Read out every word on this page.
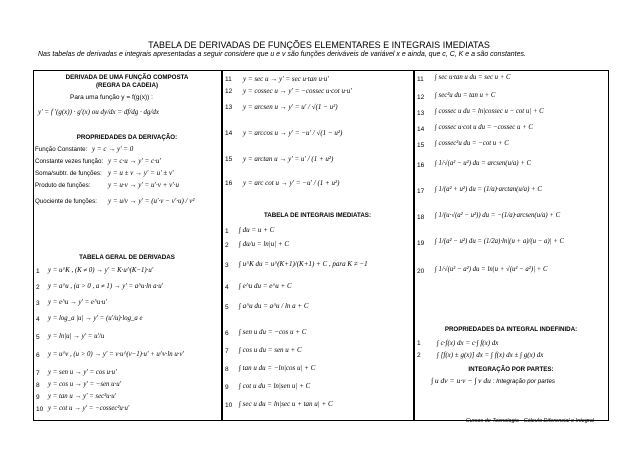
TABELA DE DERIVADAS DE FUNÇÕES ELEMENTARES E INTEGRAIS IMEDIATAS
Nas tabelas de derivadas e integrais apresentadas a seguir considere que u e v são funções deriváveis de variável x e ainda, que c, C, K e a são constantes.
DERIVADA DE UMA FUNÇÃO COMPOSTA
(REGRA DA CADEIA)
Para uma função y = f(g(x)) :
y' = f '(g(x)) · g'(x) ou dy/dx = df/dg · dg/dx
PROPRIEDADES DA DERIVAÇÃO:
Função Constante: y = c → y' = 0
Constante vezes função: y = c·u → y' = c·u'
Soma/subtr. de funções: y = u ± v → y' = u' ± v'
Produto de funções:	y = u·v → y' = u'·v + v'·u
Quociente de funções: y = u/v → y' = (u'·v − v'·u) / v²
TABELA GERAL DE DERIVADAS
1 y = u^K , (K ≠ 0) → y' = K·u^(K−1)·u'
2 y = a^u , (a > 0 , a ≠ 1) → y' = a^u·ln a·u'
3 y = e^u → y' = e^u·u'
4 y = log_a |u| → y' = (u'/u)·log_a e
5 y = ln|u| → y' = u'/u
6 y = u^v , (u > 0) → y' = v·u^(v−1)·u' + u^v·ln u·v'
7 y = sen u → y' = cos u·u'
8 y = cos u → y' = −sen u·u'
9 y = tan u → y' = sec²u·u'
10 y = cot u → y' = −cossec²u·u'
11 y = sec u → y' = sec u·tan u·u'
12 y = cossec u → y' = −cossec u·cot u·u'
13 y = arcsen u → y' = u' / √(1 − u²)
14 y = arccos u → y' = −u' / √(1 − u²)
15 y = arctan u → y' = u' / (1 + u²)
16 y = arc cot u → y' = −u' / (1 + u²)
TABELA DE INTEGRAIS IMEDIATAS:
1 ∫ du = u + C
2 ∫ du/u = ln|u| + C
3 ∫ u^K du = u^(K+1)/(K+1) + C , para K ≠ −1
4 ∫ e^u du = e^u + C
5 ∫ a^u du = a^u / ln a + C
6 ∫ sen u du = −cos u + C
7 ∫ cos u du = sen u + C
8 ∫ tan u du = −ln|cos u| + C
9 ∫ cot u du = ln|sen u| + C
10 ∫ sec u du = ln|sec u + tan u| + C
11 ∫ sec u·tan u du = sec u + C
12 ∫ sec²u du = tan u + C
13 ∫ cossec u du = ln|cossec u − cot u| + C
14 ∫ cossec u·cot u du = −cossec u + C
15 ∫ cossec²u du = −cot u + C
16 ∫ 1/√(a² − u²) du = arcsen(u/a) + C
17 ∫ 1/(a² + u²) du = (1/a)·arctan(u/a) + C
18 ∫ 1/(u·√(a² − u²)) du = −(1/a)·arcsen(u/a) + C
19 ∫ 1/(a² − u²) du = (1/2a)·ln|(u + a)/(u − a)| + C
20 ∫ 1/√(u² − a²) du = ln|u + √(u² − a²)| + C
PROPRIEDADES DA INTEGRAL INDEFINIDA:
1 ∫ c·f(x) dx = c·∫ f(x) dx
2 ∫ [f(x) ± g(x)] dx = ∫ f(x) dx ± ∫ g(x) dx
INTEGRAÇÃO POR PARTES:
∫ u dv = u·v − ∫ v du : Integração por partes
Cursos de Tecnologia - Cálculo Diferencial e Integral
